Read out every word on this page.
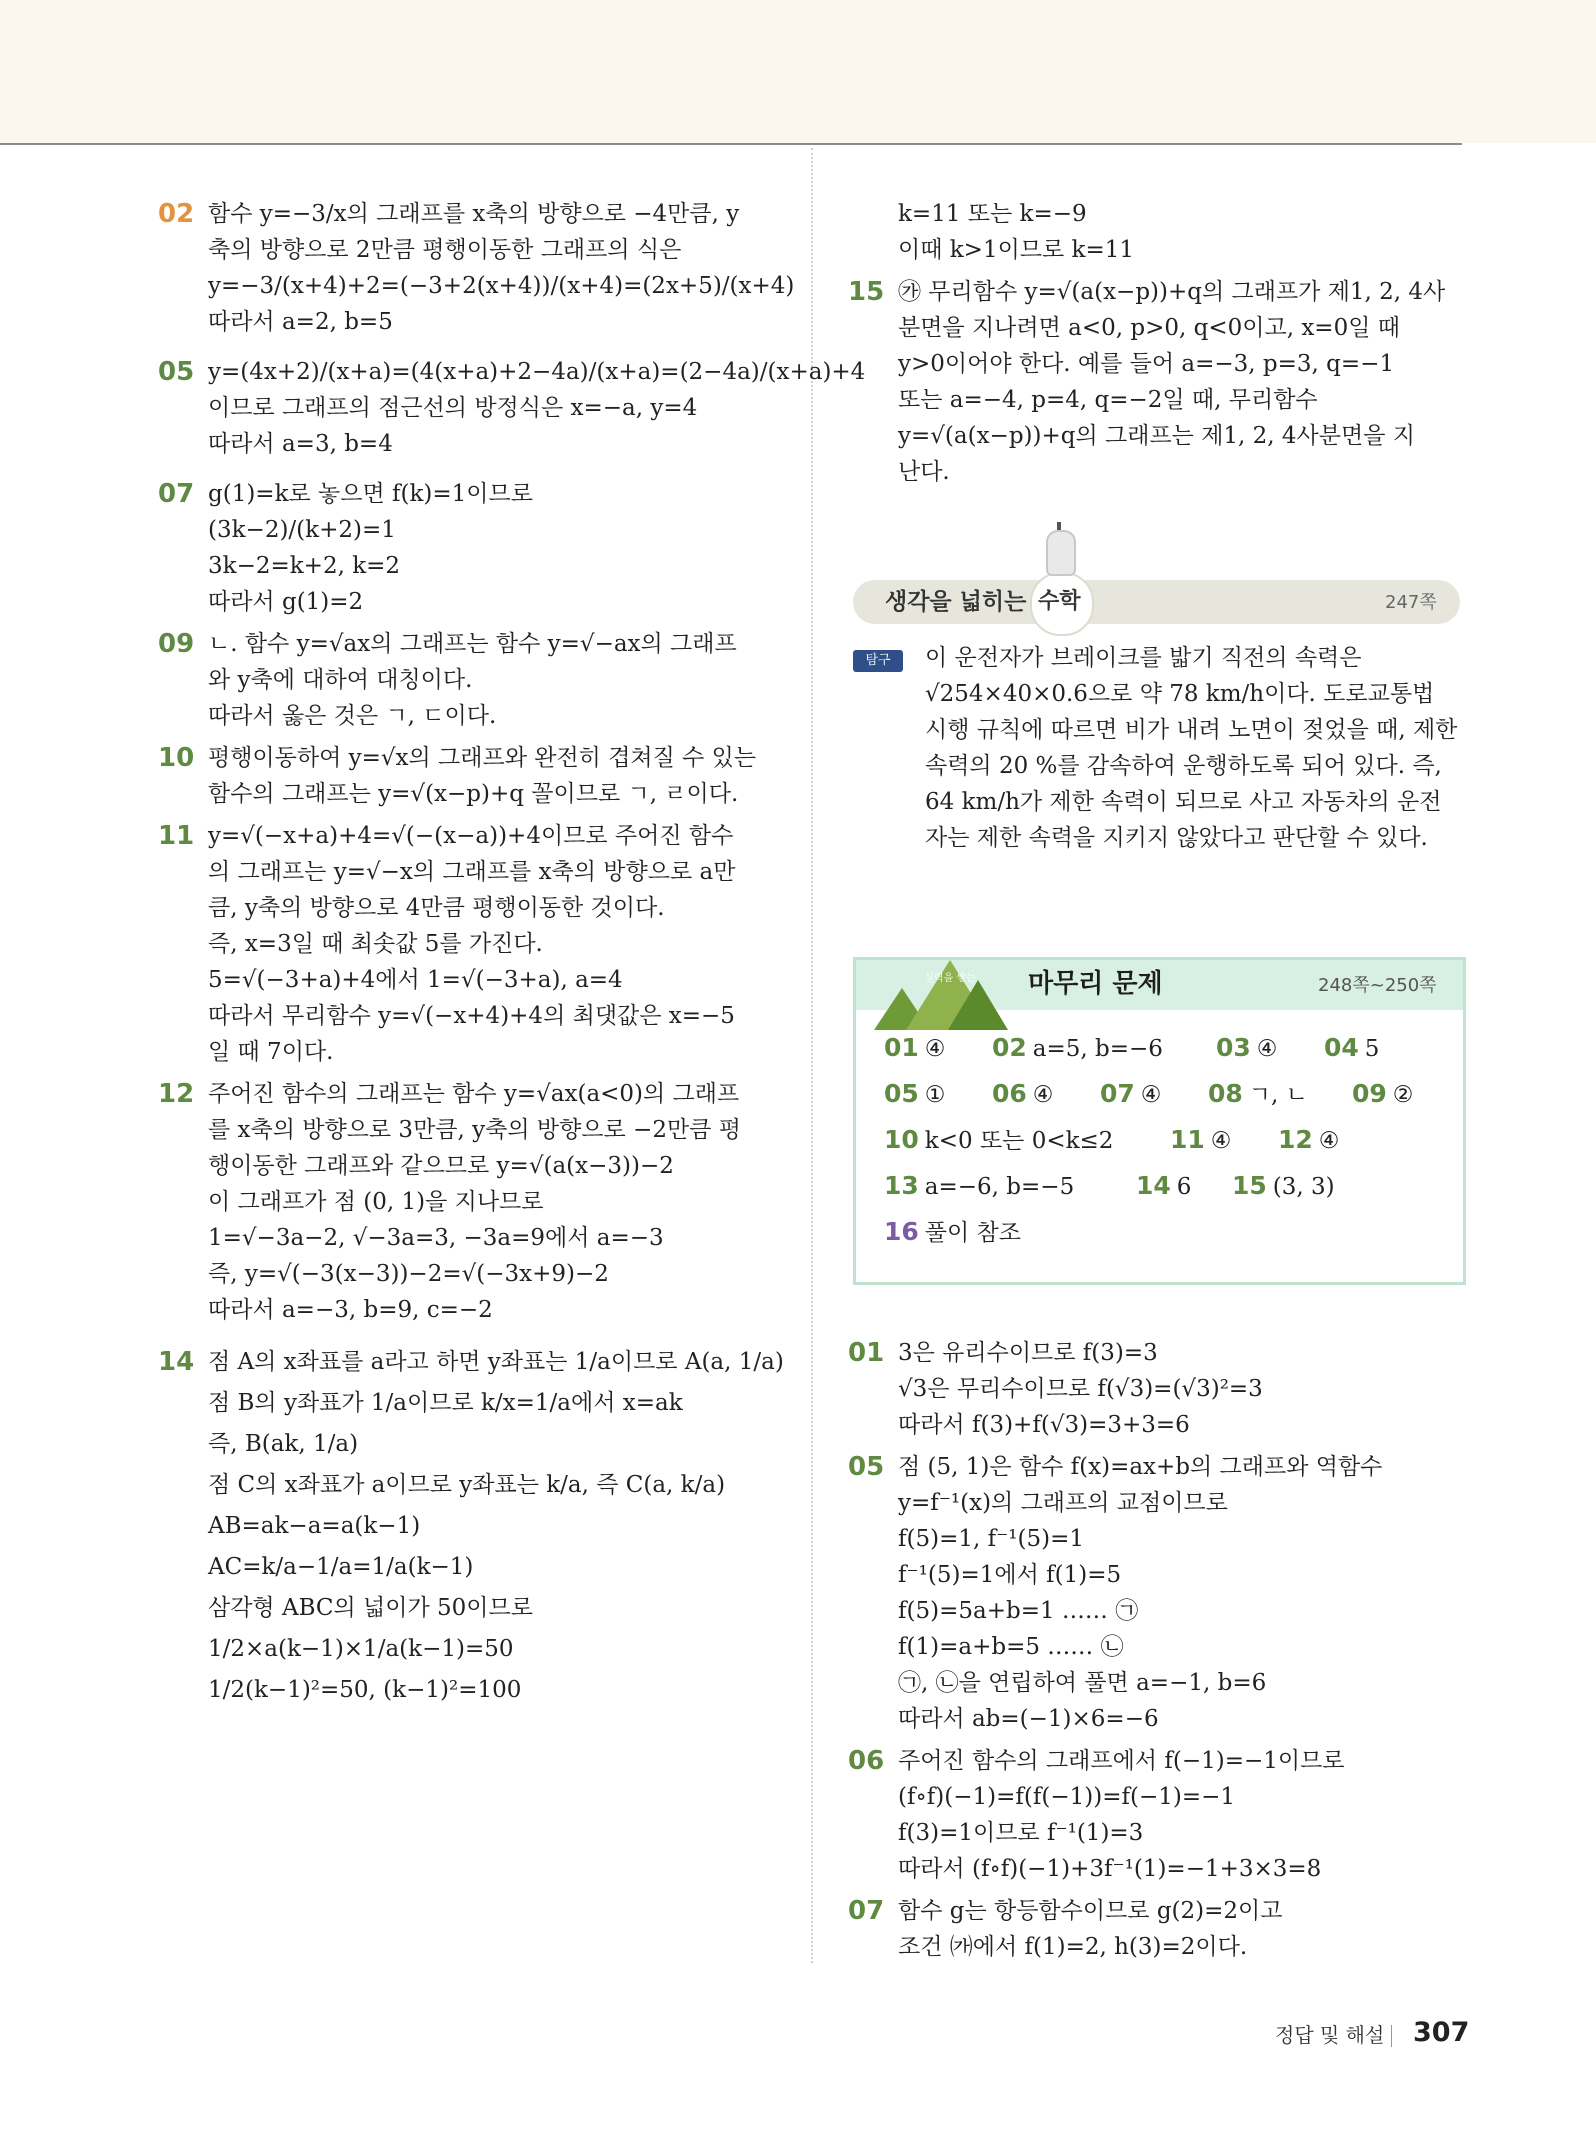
02 함수 y=−3/x의 그래프를 x축의 방향으로 −4만큼, y
축의 방향으로 2만큼 평행이동한 그래프의 식은
y=−3/(x+4)+2=(−3+2(x+4))/(x+4)=(2x+5)/(x+4)
따라서 a=2, b=5
05 y=(4x+2)/(x+a)=(4(x+a)+2−4a)/(x+a)=(2−4a)/(x+a)+4
이므로 그래프의 점근선의 방정식은 x=−a, y=4
따라서 a=3, b=4
07 g(1)=k로 놓으면 f(k)=1이므로
(3k−2)/(k+2)=1
3k−2=k+2, k=2
따라서 g(1)=2
09 ㄴ. 함수 y=√ax의 그래프는 함수 y=√−ax의 그래프
와 y축에 대하여 대칭이다.
따라서 옳은 것은 ㄱ, ㄷ이다.
10 평행이동하여 y=√x의 그래프와 완전히 겹쳐질 수 있는
함수의 그래프는 y=√(x−p)+q 꼴이므로 ㄱ, ㄹ이다.
11 y=√(−x+a)+4=√(−(x−a))+4이므로 주어진 함수
의 그래프는 y=√−x의 그래프를 x축의 방향으로 a만
큼, y축의 방향으로 4만큼 평행이동한 것이다.
즉, x=3일 때 최솟값 5를 가진다.
5=√(−3+a)+4에서 1=√(−3+a), a=4
따라서 무리함수 y=√(−x+4)+4의 최댓값은 x=−5
일 때 7이다.
12 주어진 함수의 그래프는 함수 y=√ax(a<0)의 그래프
를 x축의 방향으로 3만큼, y축의 방향으로 −2만큼 평
행이동한 그래프와 같으므로 y=√(a(x−3))−2
이 그래프가 점 (0, 1)을 지나므로
1=√−3a−2, √−3a=3, −3a=9에서 a=−3
즉, y=√(−3(x−3))−2=√(−3x+9)−2
따라서 a=−3, b=9, c=−2
14 점 A의 x좌표를 a라고 하면 y좌표는 1/a이므로 A(a, 1/a)
점 B의 y좌표가 1/a이므로 k/x=1/a에서 x=ak
즉, B(ak, 1/a)
점 C의 x좌표가 a이므로 y좌표는 k/a, 즉 C(a, k/a)
AB=ak−a=a(k−1)
AC=k/a−1/a=1/a(k−1)
삼각형 ABC의 넓이가 50이므로
1/2×a(k−1)×1/a(k−1)=50
1/2(k−1)²=50, (k−1)²=100
k=11 또는 k=−9
이때 k>1이므로 k=11
15 ㉮ 무리함수 y=√(a(x−p))+q의 그래프가 제1, 2, 4사
분면을 지나려면 a<0, p>0, q<0이고, x=0일 때
y>0이어야 한다. 예를 들어 a=−3, p=3, q=−1
또는 a=−4, p=4, q=−2일 때, 무리함수
y=√(a(x−p))+q의 그래프는 제1, 2, 4사분면을 지
난다.
생각을 넓히는 수학	247쪽
탐구	이 운전자가 브레이크를 밟기 직전의 속력은
√254×40×0.6으로 약 78 km/h이다. 도로교통법
시행 규칙에 따르면 비가 내려 노면이 젖었을 때, 제한
속력의 20 %를 감속하여 운행하도록 되어 있다. 즉,
64 km/h가 제한 속력이 되므로 사고 자동차의 운전
자는 제한 속력을 지키지 않았다고 판단할 수 있다.
실력을 쌓는 마무리 문제	248쪽~250쪽
01 ④ 02 a=5, b=−6 03 ④ 04 5
05 ① 06 ④ 07 ④ 08 ㄱ, ㄴ 09 ②
10 k<0 또는 0<k≤2 11 ④ 12 ④
13 a=−6, b=−5 14 6 15 (3, 3)
16 풀이 참조
01 3은 유리수이므로 f(3)=3
√3은 무리수이므로 f(√3)=(√3)²=3
따라서 f(3)+f(√3)=3+3=6
05 점 (5, 1)은 함수 f(x)=ax+b의 그래프와 역함수
y=f⁻¹(x)의 그래프의 교점이므로
f(5)=1, f⁻¹(5)=1
f⁻¹(5)=1에서 f(1)=5
f(5)=5a+b=1 …… ㉠
f(1)=a+b=5 …… ㉡
㉠, ㉡을 연립하여 풀면 a=−1, b=6
따라서 ab=(−1)×6=−6
06 주어진 함수의 그래프에서 f(−1)=−1이므로
(f∘f)(−1)=f(f(−1))=f(−1)=−1
f(3)=1이므로 f⁻¹(1)=3
따라서 (f∘f)(−1)+3f⁻¹(1)=−1+3×3=8
07 함수 g는 항등함수이므로 g(2)=2이고
조건 ㈎에서 f(1)=2, h(3)=2이다.
정답 및 해설 307
